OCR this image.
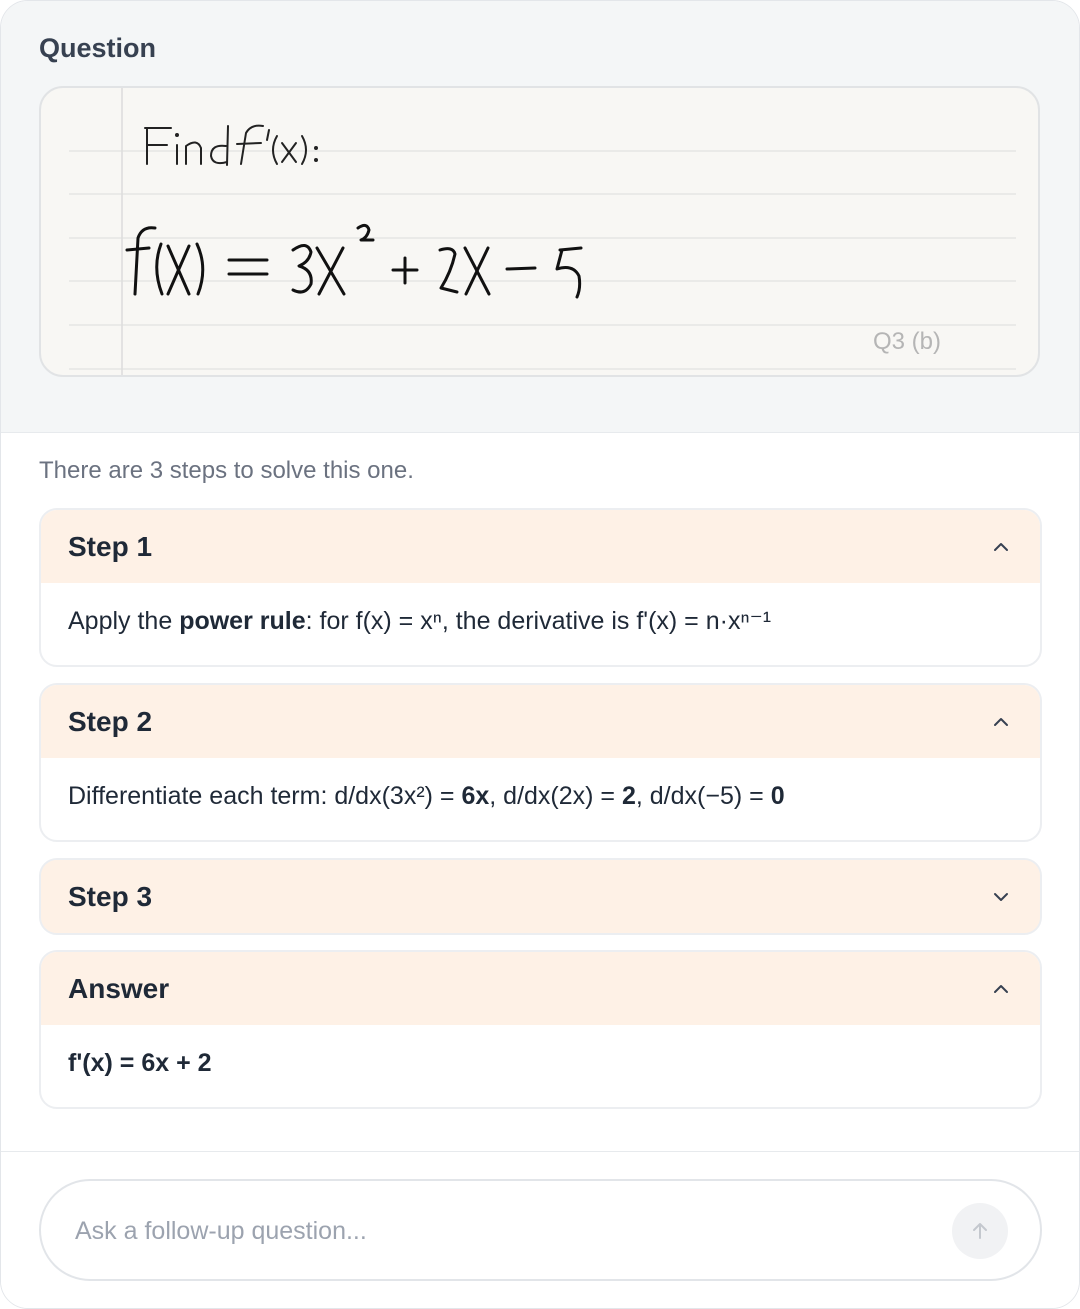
Question
Q3 (b)
There are 3 steps to solve this one.
Step 1
Apply the power rule: for f(x) = xⁿ, the derivative is f'(x) = n·xⁿ⁻¹
Step 2
Differentiate each term: d/dx(3x²) = 6x, d/dx(2x) = 2, d/dx(−5) = 0
Step 3
Answer
f'(x) = 6x + 2
Ask a follow-up question...
